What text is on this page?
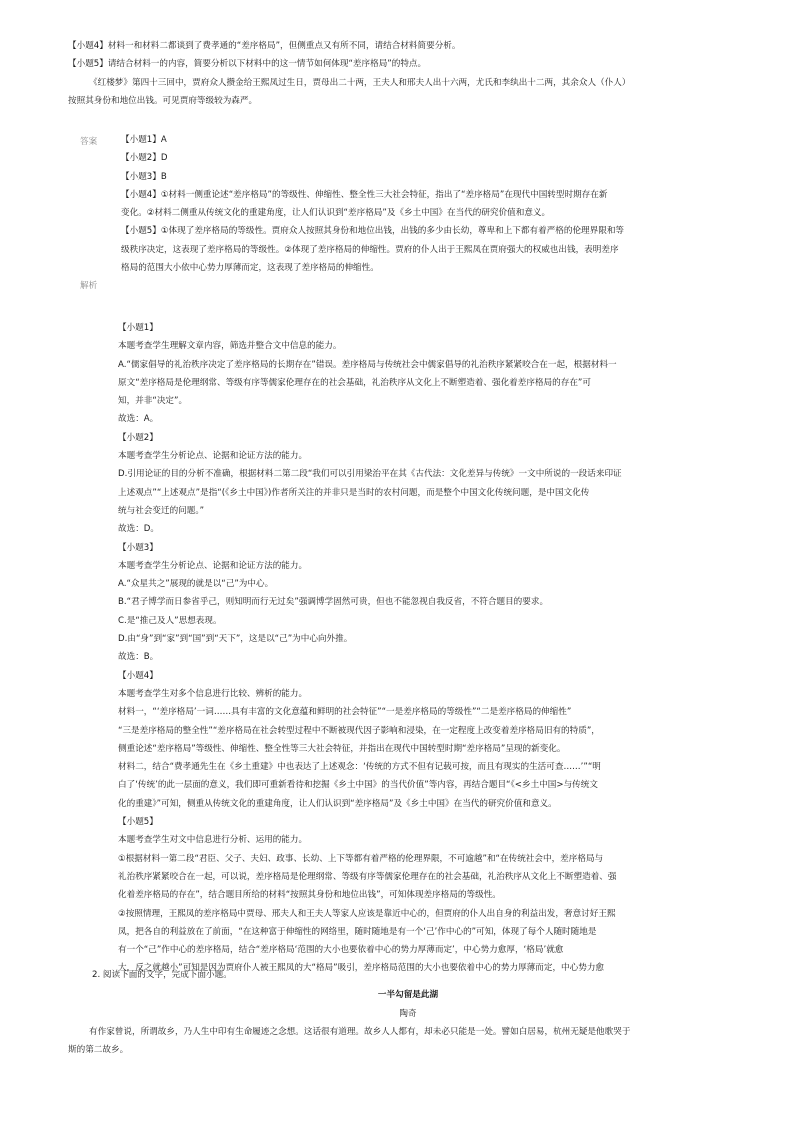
【小题4】材料一和材料二都谈到了费孝通的“差序格局”，但侧重点又有所不同，请结合材料简要分析。

【小题5】请结合材料一的内容，简要分析以下材料中的这一情节如何体现“差序格局”的特点。

《红楼梦》第四十三回中，贾府众人攒金给王熙凤过生日，贾母出二十两，王夫人和邢夫人出十六两，尤氏和李纨出十二两，其余众人（仆人）

按照其身份和地位出钱。可见贾府等级较为森严。

答案	【小题1】A

【小题2】D

【小题3】B

【小题4】①材料一侧重论述“差序格局”的等级性、伸缩性、整全性三大社会特征，指出了“差序格局”在现代中国转型时期存在新

变化。②材料二侧重从传统文化的重建角度，让人们认识到“差序格局”及《乡土中国》在当代的研究价值和意义。

【小题5】①体现了差序格局的等级性。贾府众人按照其身份和地位出钱，出钱的多少由长幼，尊卑和上下都有着严格的伦理界限和等

级秩序决定，这表现了差序格局的等级性。②体现了差序格局的伸缩性。贾府的仆人出于王熙凤在贾府强大的权威也出钱，表明差序

格局的范围大小依中心势力厚薄而定，这表现了差序格局的伸缩性。

解析

【小题1】

本题考查学生理解文章内容，筛选并整合文中信息的能力。

A.“儒家倡导的礼治秩序决定了差序格局的长期存在”错误。差序格局与传统社会中儒家倡导的礼治秩序紧紧咬合在一起，根据材料一

原文“差序格局是伦理纲常、等级有序等儒家伦理存在的社会基础，礼治秩序从文化上不断塑造着、强化着差序格局的存在”可

知，并非“决定”。

故选：A。

【小题2】

本题考查学生分析论点、论据和论证方法的能力。

D.引用论证的目的分析不准确，根据材料二第二段“我们可以引用梁治平在其《古代法：文化差异与传统》一文中所说的一段话来印证

上述观点”“上述观点”是指“(《乡土中国》)作者所关注的并非只是当时的农村问题，而是整个中国文化传统问题，是中国文化传

统与社会变迁的问题。”

故选：D。

【小题3】

本题考查学生分析论点、论据和论证方法的能力。

A.“众星共之”展现的就是以“己”为中心。

B.“君子博学而日参省乎己，则知明而行无过矣”强调博学固然可贵，但也不能忽视自我反省，不符合题目的要求。

C.是“推己及人”思想表现。

D.由“身”到“家”到“国”到“天下”，这是以“己”为中心向外推。

故选：B。

【小题4】

本题考查学生对多个信息进行比较、辨析的能力。

材料一，“‘差序格局’一词……具有丰富的文化意蕴和鲜明的社会特征”“一是差序格局的等级性”“二是差序格局的伸缩性”

“三是差序格局的整全性”“差序格局在社会转型过程中不断被现代因子影响和浸染，在一定程度上改变着差序格局旧有的特质”，

侧重论述“差序格局”等级性、伸缩性、整全性等三大社会特征，并指出在现代中国转型时期“差序格局”呈现的新变化。

材料二，结合“费孝通先生在《乡土重建》中也表达了上述观念：‘传统的方式不但有记载可按，而且有现实的生活可查……’”“明

白了‘传统’的此一层面的意义，我们即可重新看待和挖掘《乡土中国》的当代价值”等内容，再结合题目“《<乡土中国>与传统文

化的重建》”可知，侧重从传统文化的重建角度，让人们认识到“差序格局”及《乡土中国》在当代的研究价值和意义。

【小题5】

本题考查学生对文中信息进行分析、运用的能力。

①根据材料一第二段“君臣、父子、夫妇、政事、长幼、上下等都有着严格的伦理界限，不可逾越”和“在传统社会中，差序格局与

礼治秩序紧紧咬合在一起，可以说，差序格局是伦理纲常、等级有序等儒家伦理存在的社会基础，礼治秩序从文化上不断塑造着、强

化着差序格局的存在”，结合题目所给的材料“按照其身份和地位出钱”，可知体现差序格局的等级性。

②按照情理，王熙凤的差序格局中贾母、邢夫人和王夫人等家人应该是靠近中心的，但贾府的仆人出自身的利益出发，奢意讨好王熙

凤，把各自的利益放在了前面，“在这种富于伸缩性的网络里，随时随地是有一个‘己’作中心的”可知，体现了每个人随时随地是

有一个“己”作中心的差序格局，结合“差序格局‘范围的大小也要依着中心的势力厚薄而定’，中心势力愈厚，‘格局’就愈

大，反之就越小”可知是因为贾府仆人被王熙凤的大“格局”吸引，差序格局范围的大小也要依着中心的势力厚薄而定，中心势力愈

2. 阅读下面的文字，完成下面小题。

一半勾留是此湖

陶奇

有作家曾说，所谓故乡，乃人生中印有生命履迹之念想。这话很有道理。故乡人人都有，却未必只能是一处。譬如白居易，杭州无疑是他歌哭于

斯的第二故乡。
